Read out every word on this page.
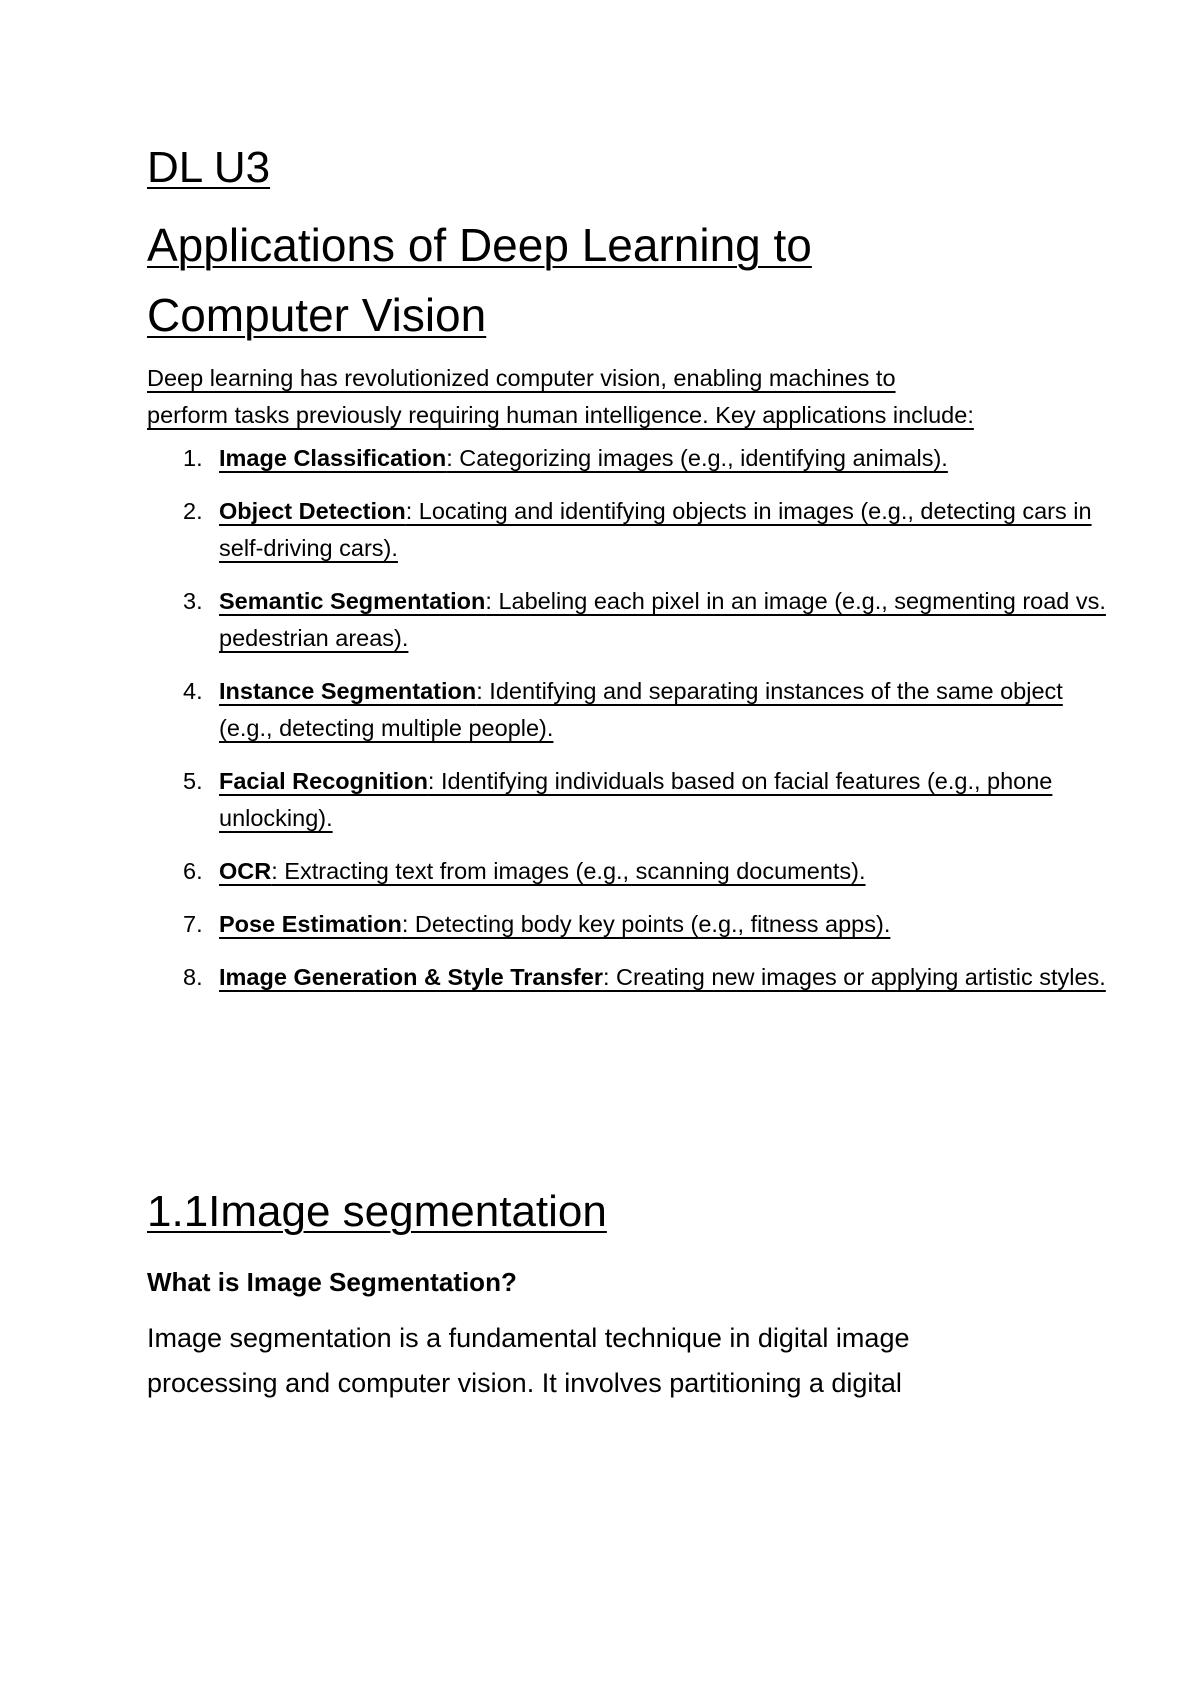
DL U3
Applications of Deep Learning to Computer Vision

Deep learning has revolutionized computer vision, enabling machines to perform tasks previously requiring human intelligence. Key applications include:

1. Image Classification: Categorizing images (e.g., identifying animals).
2. Object Detection: Locating and identifying objects in images (e.g., detecting cars in self-driving cars).
3. Semantic Segmentation: Labeling each pixel in an image (e.g., segmenting road vs. pedestrian areas).
4. Instance Segmentation: Identifying and separating instances of the same object (e.g., detecting multiple people).
5. Facial Recognition: Identifying individuals based on facial features (e.g., phone unlocking).
6. OCR: Extracting text from images (e.g., scanning documents).
7. Pose Estimation: Detecting body key points (e.g., fitness apps).
8. Image Generation & Style Transfer: Creating new images or applying artistic styles.
1.1Image segmentation
What is Image Segmentation?

Image segmentation is a fundamental technique in digital image processing and computer vision. It involves partitioning a digital
